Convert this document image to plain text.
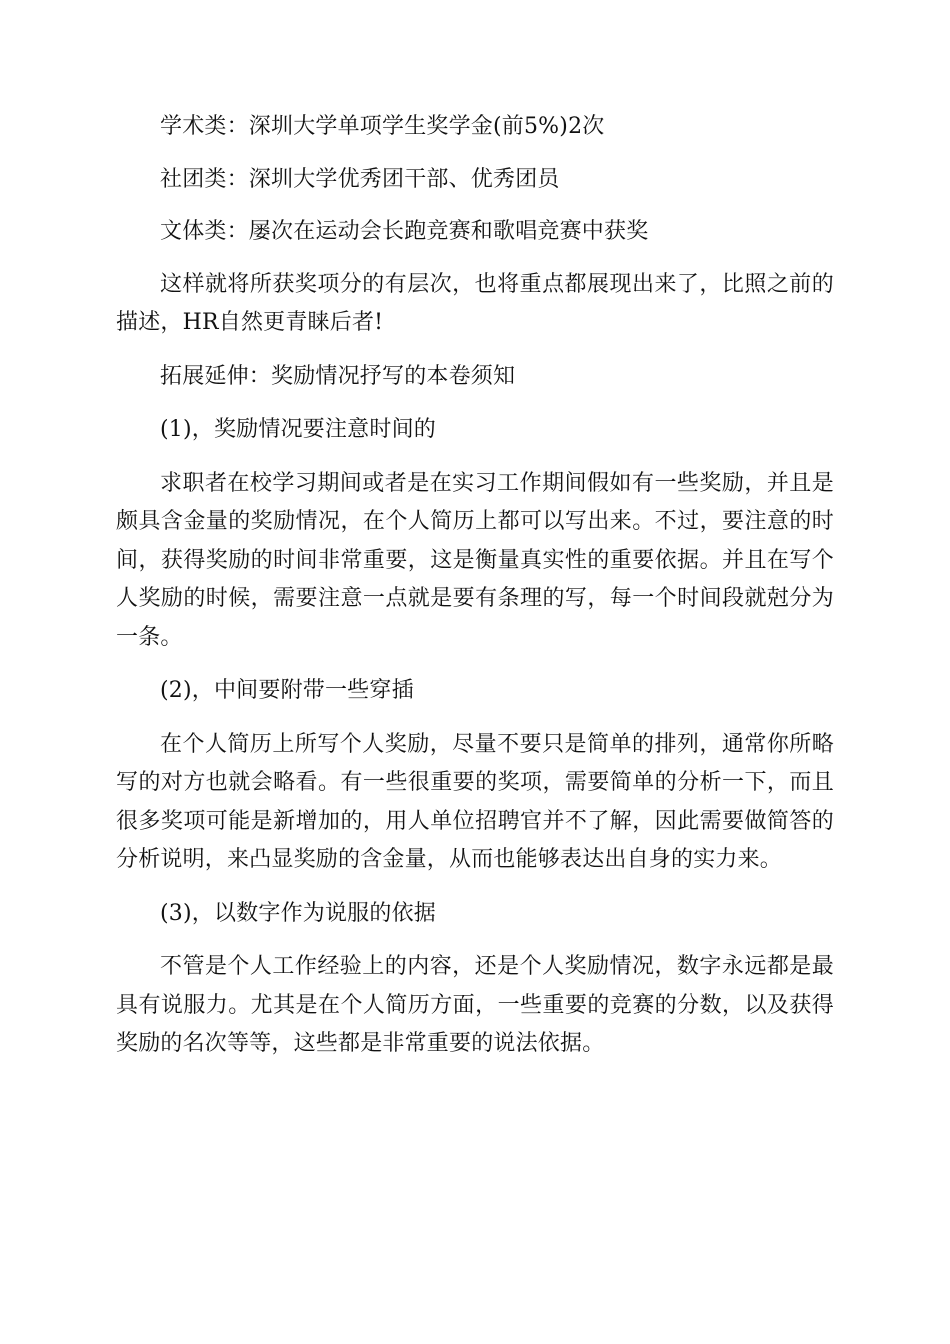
学术类：深圳大学单项学生奖学金(前5%)2次

社团类：深圳大学优秀团干部、优秀团员

文体类：屡次在运动会长跑竞赛和歌唱竞赛中获奖

这样就将所获奖项分的有层次，也将重点都展现出来了，比照之前的描述，HR自然更青睐后者!

拓展延伸：奖励情况抒写的本卷须知

(1)，奖励情况要注意时间的

求职者在校学习期间或者是在实习工作期间假如有一些奖励，并且是颇具含金量的奖励情况，在个人简历上都可以写出来。不过，要注意的时间，获得奖励的时间非常重要，这是衡量真实性的重要依据。并且在写个人奖励的时候，需要注意一点就是要有条理的写，每一个时间段就尅分为一条。

(2)，中间要附带一些穿插

在个人简历上所写个人奖励，尽量不要只是简单的排列，通常你所略写的对方也就会略看。有一些很重要的奖项，需要简单的分析一下，而且很多奖项可能是新增加的，用人单位招聘官并不了解，因此需要做简答的分析说明，来凸显奖励的含金量，从而也能够表达出自身的实力来。

(3)，以数字作为说服的依据

不管是个人工作经验上的内容，还是个人奖励情况，数字永远都是最具有说服力。尤其是在个人简历方面，一些重要的竞赛的分数，以及获得奖励的名次等等，这些都是非常重要的说法依据。
